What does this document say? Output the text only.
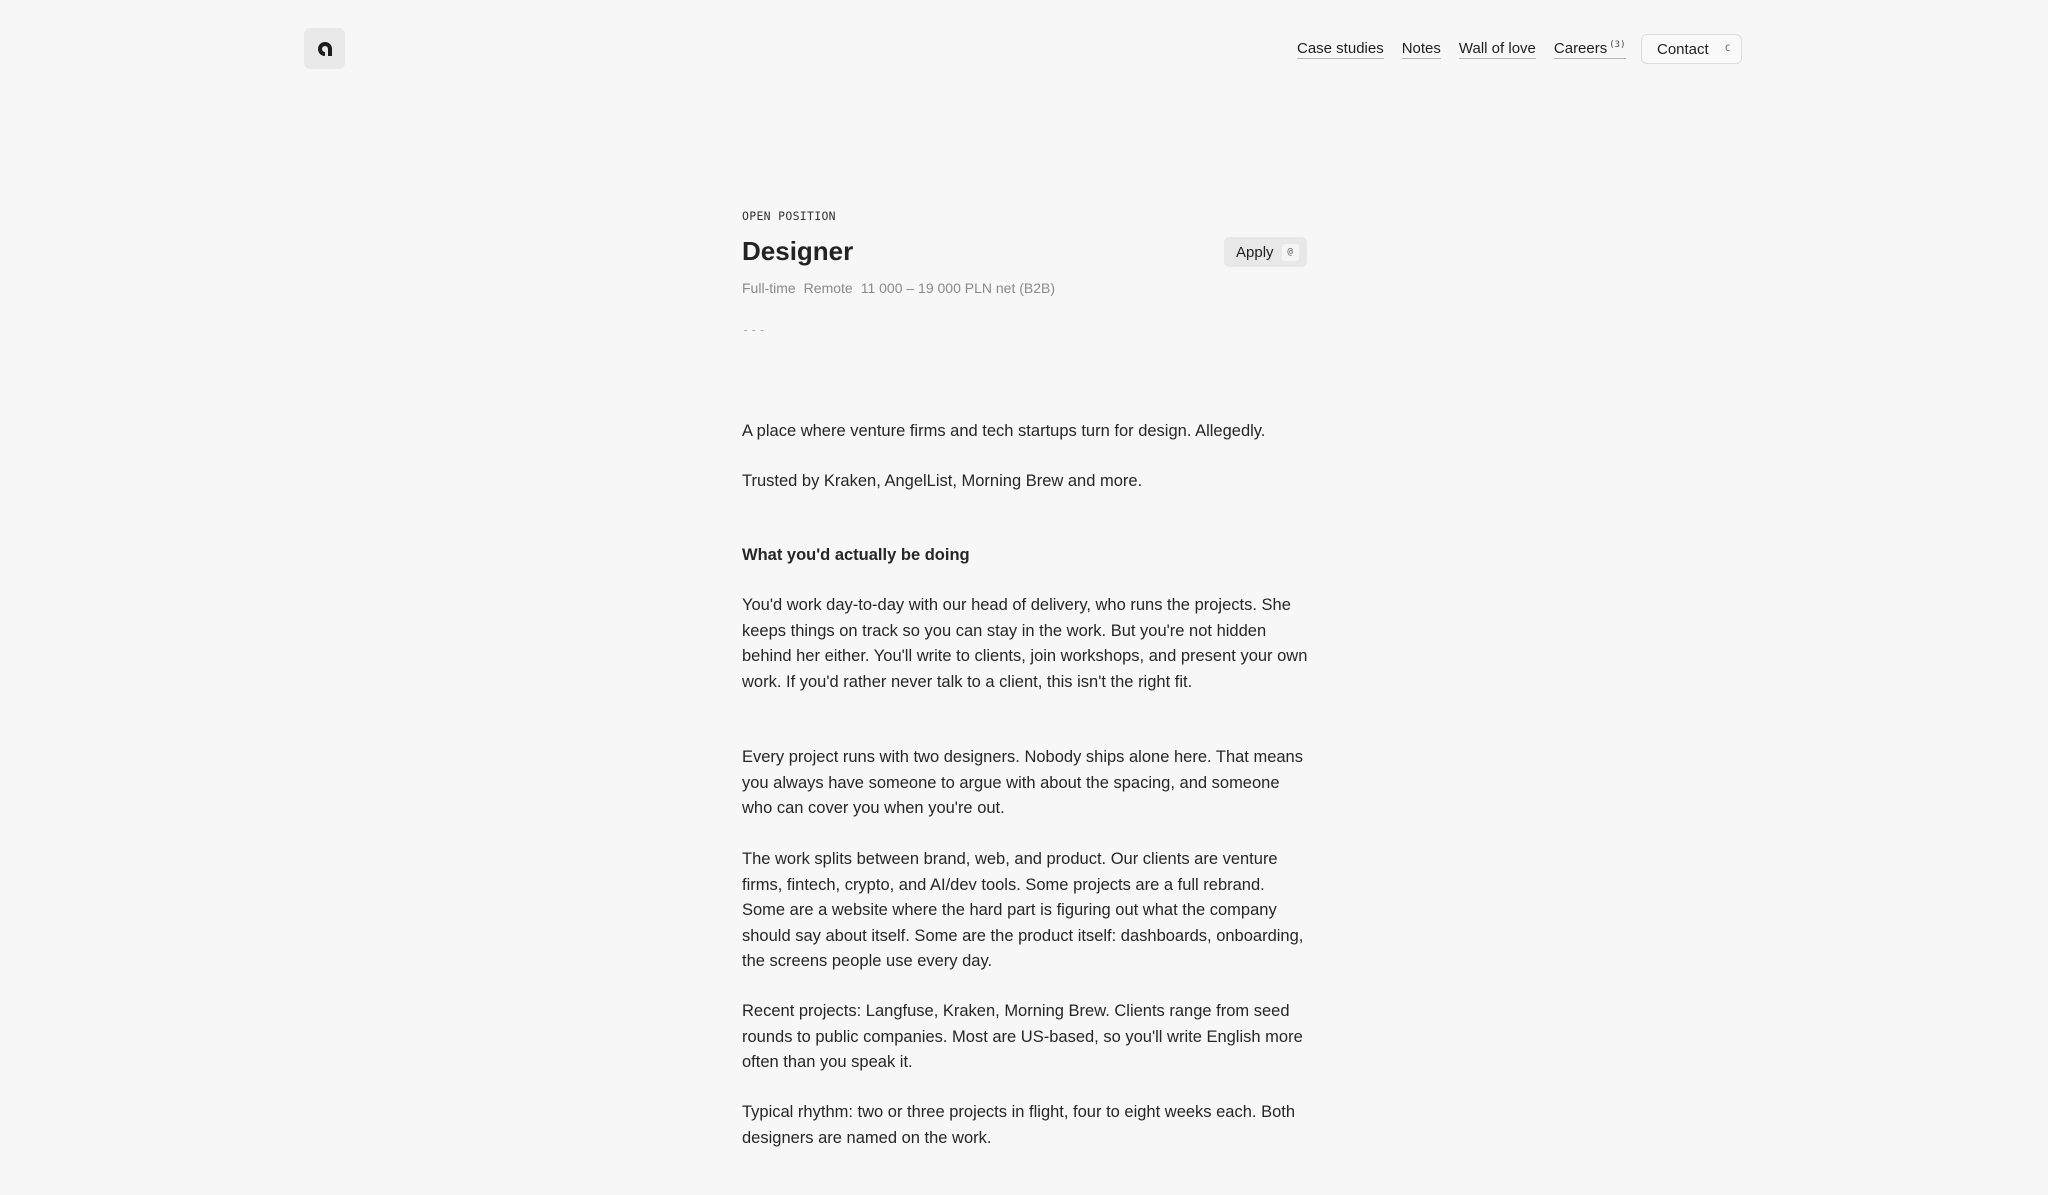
Case studies Notes Wall of love Careers $^{(3)}$ Contact	C
OPEN POSITION
Designer	Apply	@
Full-time Remote 11 000 – 19 000 PLN net (B2B)
---

A place where venture firms and tech startups turn for design. Allegedly.

Trusted by Kraken, AngelList, Morning Brew and more.

What you'd actually be doing

You'd work day-to-day with our head of delivery, who runs the projects. She keeps things on track so you can stay in the work. But you're not hidden behind her either. You'll write to clients, join workshops, and present your own work. If you'd rather never talk to a client, this isn't the right fit.

Every project runs with two designers. Nobody ships alone here. That means you always have someone to argue with about the spacing, and someone who can cover you when you're out.

The work splits between brand, web, and product. Our clients are venture firms, fintech, crypto, and AI/dev tools. Some projects are a full rebrand. Some are a website where the hard part is figuring out what the company should say about itself. Some are the product itself: dashboards, onboarding, the screens people use every day.

Recent projects: Langfuse, Kraken, Morning Brew. Clients range from seed rounds to public companies. Most are US-based, so you'll write English more often than you speak it.

Typical rhythm: two or three projects in flight, four to eight weeks each. Both designers are named on the work.
